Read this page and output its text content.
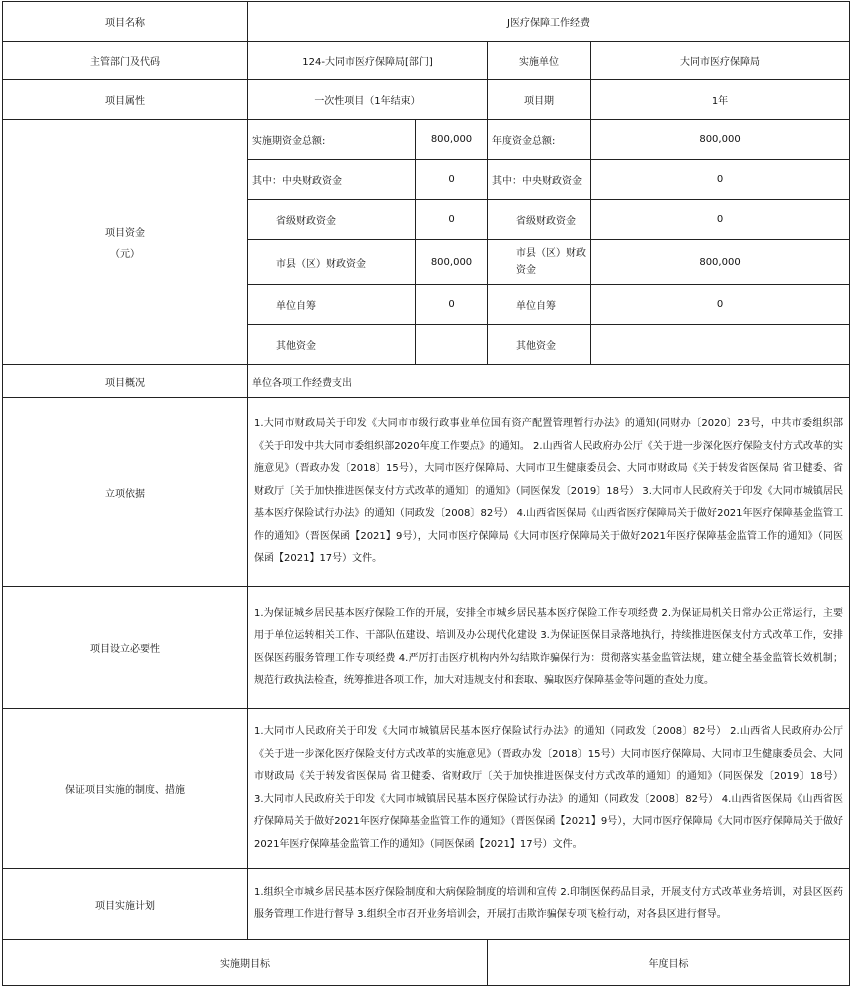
项目名称	J医疗保障工作经费			
主管部门及代码	124-大同市医疗保障局[部门]		实施单位	大同市医疗保障局
项目属性	一次性项目（1年结束）		项目期	1年

项目资金
（元）	实施期资金总额:	800,000	年度资金总额:	800,000
	其中：中央财政资金	0	其中：中央财政资金	0
	省级财政资金	0	省级财政资金	0
	市县（区）财政资金	800,000	市县（区）财政资金	800,000
	单位自筹	0	单位自筹	0
	其他资金		其他资金	
项目概况	单位各项工作经费支出			
立项依据	1.大同市财政局关于印发《大同市市级行政事业单位国有资产配置管理暂行办法》的通知(同财办〔2020〕23号，中共市委组织部《关于印发中共大同市委组织部2020年度工作要点》的通知。 2.山西省人民政府办公厅《关于进一步深化医疗保险支付方式改革的实施意见》（晋政办发〔2018〕15号），大同市医疗保障局、大同市卫生健康委员会、大同市财政局《关于转发省医保局 省卫健委、省财政厅〔关于加快推进医保支付方式改革的通知〕的通知》（同医保发〔2019〕18号） 3.大同市人民政府关于印发《大同市城镇居民基本医疗保险试行办法》的通知（同政发〔2008〕82号） 4.山西省医保局《山西省医疗保障局关于做好2021年医疗保障基金监管工作的通知》（晋医保函【2021】9号），大同市医疗保障局《大同市医疗保障局关于做好2021年医疗保障基金监管工作的通知》（同医保函【2021】17号）文件。			
项目设立必要性	1.为保证城乡居民基本医疗保险工作的开展，安排全市城乡居民基本医疗保险工作专项经费 2.为保证局机关日常办公正常运行，主要用于单位运转相关工作、干部队伍建设、培训及办公现代化建设 3.为保证医保目录落地执行，持续推进医保支付方式改革工作，安排医保医药服务管理工作专项经费 4.严厉打击医疗机构内外勾结欺诈骗保行为：贯彻落实基金监管法规，建立健全基金监管长效机制；规范行政执法检查，统筹推进各项工作，加大对违规支付和套取、骗取医疗保障基金等问题的查处力度。			
保证项目实施的制度、措施	1.大同市人民政府关于印发《大同市城镇居民基本医疗保险试行办法》的通知（同政发〔2008〕82号） 2.山西省人民政府办公厅《关于进一步深化医疗保险支付方式改革的实施意见》（晋政办发〔2018〕15号）大同市医疗保障局、大同市卫生健康委员会、大同市财政局《关于转发省医保局 省卫健委、省财政厅〔关于加快推进医保支付方式改革的通知〕的通知》（同医保发〔2019〕18号） 3.大同市人民政府关于印发《大同市城镇居民基本医疗保险试行办法》的通知（同政发〔2008〕82号） 4.山西省医保局《山西省医疗保障局关于做好2021年医疗保障基金监管工作的通知》（晋医保函【2021】9号），大同市医疗保障局《大同市医疗保障局关于做好2021年医疗保障基金监管工作的通知》（同医保函【2021】17号）文件。			
项目实施计划	1.组织全市城乡居民基本医疗保险制度和大病保险制度的培训和宣传 2.印制医保药品目录，开展支付方式改革业务培训，对县区医药服务管理工作进行督导 3.组织全市召开业务培训会，开展打击欺诈骗保专项飞检行动，对各县区进行督导。			
实施期目标			年度目标	
